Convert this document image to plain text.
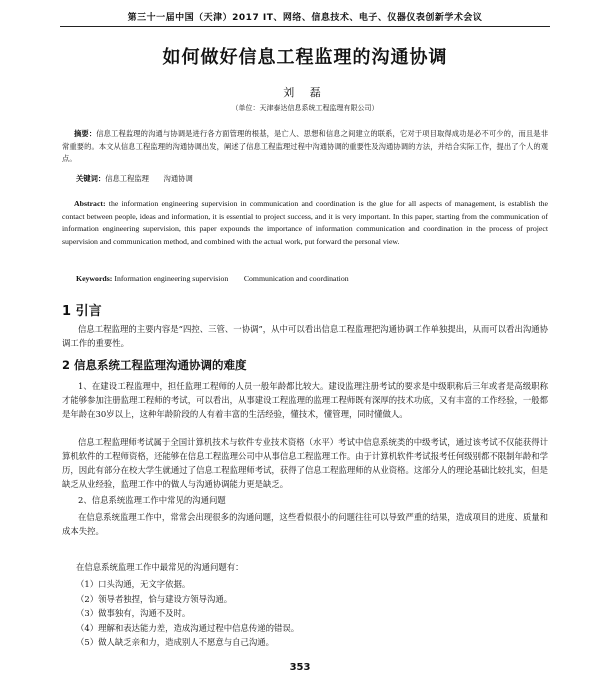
第三十一届中国（天津）2017 IT、网络、信息技术、电子、仪器仪表创新学术会议
如何做好信息工程监理的沟通协调
刘 磊
（单位：天津泰达信息系统工程监理有限公司）

摘要：信息工程监理的沟通与协调是进行各方面管理的根基，是亡人、思想和信息之间建立的联系，它对于项目取得成功是必不可少的，而且是非常重要的。本文从信息工程监理的沟通协调出发，阐述了信息工程监理过程中沟通协调的重要性及沟通协调的方法，并结合实际工作，提出了个人的观点。

关键词：信息工程监理　　沟通协调

Abstract: the information engineering supervision in communication and coordination is the glue for all aspects of management, is establish the contact between people, ideas and information, it is essential to project success, and it is very important. In this paper, starting from the communication of information engineering supervision, this paper expounds the importance of information communication and coordination in the process of project supervision and communication method, and combined with the actual work, put forward the personal view.

Keywords: Information engineering supervision　　Communication and coordination

1 引言

信息工程监理的主要内容是“四控、三管、一协调”，从中可以看出信息工程监理把沟通协调工作单独提出，从而可以看出沟通协调工作的重要性。

2 信息系统工程监理沟通协调的难度

1、在建设工程监理中，担任监理工程师的人员一般年龄都比较大。建设监理注册考试的要求是中级职称后三年或者是高级职称才能够参加注册监理工程师的考试，可以看出，从事建设工程监理的监理工程师既有深厚的技术功底，又有丰富的工作经验，一般都是年龄在30岁以上，这种年龄阶段的人有着丰富的生活经验，懂技术，懂管理，同时懂做人。

信息工程监理师考试属于全国计算机技术与软件专业技术资格（水平）考试中信息系统类的中级考试，通过该考试不仅能获得计算机软件的工程师资格，还能够在信息工程监理公司中从事信息工程监理工作。由于计算机软件考试报考任何级别都不限制年龄和学历，因此有部分在校大学生就通过了信息工程监理师考试，获得了信息工程监理师的从业资格。这部分人的理论基础比较扎实，但是缺乏从业经验，监理工作中的做人与沟通协调能力更是缺乏。

2、信息系统监理工作中常见的沟通问题

在信息系统监理工作中，常常会出现很多的沟通问题，这些看似很小的问题往往可以导致严重的结果，造成项目的进度、质量和成本失控。

在信息系统监理工作中最常见的沟通问题有：

（1）口头沟通，无文字依据。
（2）领导者独捏，恰与建设方领导沟通。
（3）做事独有，沟通不及时。
（4）理解和表达能力差，造成沟通过程中信息传递的错误。
（5）做人缺乏亲和力，造成别人不愿意与自己沟通。
353
